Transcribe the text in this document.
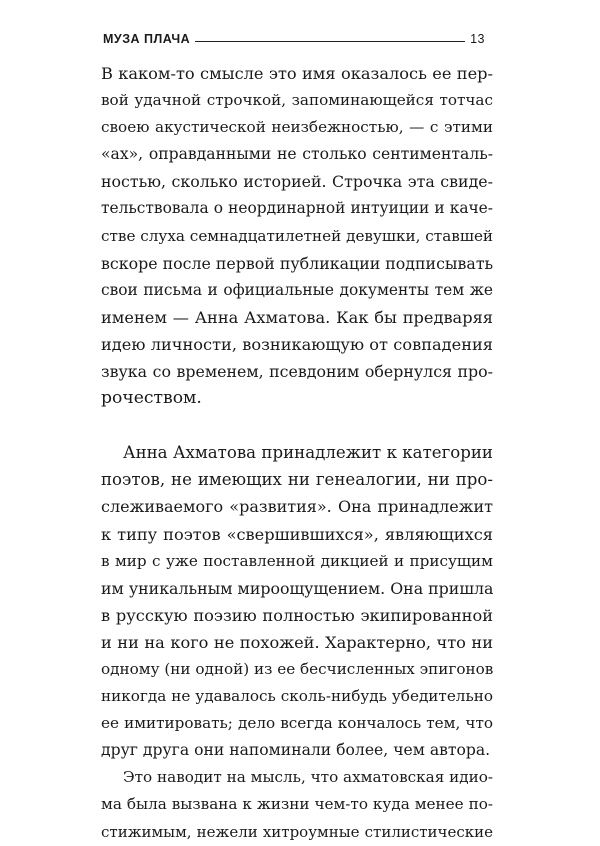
МУЗА ПЛАЧА	13
В каком-то смысле это имя оказалось ее пер-
вой удачной строчкой, запоминающейся тотчас
своею акустической неизбежностью, — с этими
«ах», оправданными не столько сентименталь-
ностью, сколько историей. Строчка эта свиде-
тельствовала о неординарной интуиции и каче-
стве слуха семнадцатилетней девушки, ставшей
вскоре после первой публикации подписывать
свои письма и официальные документы тем же
именем — Анна Ахматова. Как бы предваряя
идею личности, возникающую от совпадения
звука со временем, псевдоним обернулся про-
рочеством.
Анна Ахматова принадлежит к категории
поэтов, не имеющих ни генеалогии, ни про-
слеживаемого «развития». Она принадлежит
к типу поэтов «свершившихся», являющихся
в мир с уже поставленной дикцией и присущим
им уникальным мироощущением. Она пришла
в русскую поэзию полностью экипированной
и ни на кого не похожей. Характерно, что ни
одному (ни одной) из ее бесчисленных эпигонов
никогда не удавалось сколь-нибудь убедительно
ее имитировать; дело всегда кончалось тем, что
друг друга они напоминали более, чем автора.
Это наводит на мысль, что ахматовская идио-
ма была вызвана к жизни чем-то куда менее по-
стижимым, нежели хитроумные стилистические
